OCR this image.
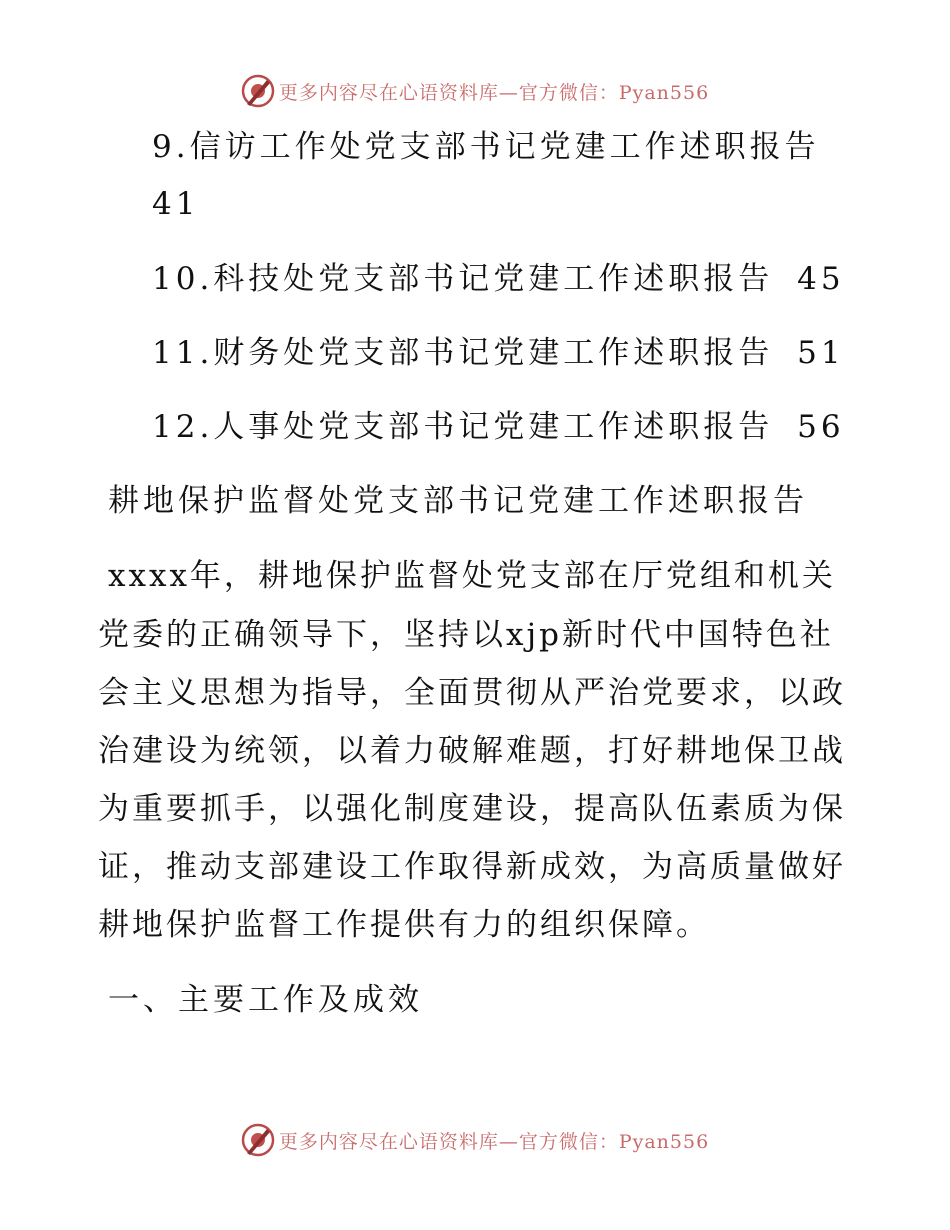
更多内容尽在心语资料库—官方微信：Pyan556
9.信访工作处党支部书记党建工作述职报告
41
10.科技处党支部书记党建工作述职报告 45
11.财务处党支部书记党建工作述职报告 51
12.人事处党支部书记党建工作述职报告 56
耕地保护监督处党支部书记党建工作述职报告
xxxx年，耕地保护监督处党支部在厅党组和机关
党委的正确领导下，坚持以xjp新时代中国特色社
会主义思想为指导，全面贯彻从严治党要求，以政
治建设为统领，以着力破解难题，打好耕地保卫战
为重要抓手，以强化制度建设，提高队伍素质为保
证，推动支部建设工作取得新成效，为高质量做好
耕地保护监督工作提供有力的组织保障。
一、主要工作及成效
更多内容尽在心语资料库—官方微信：Pyan556
